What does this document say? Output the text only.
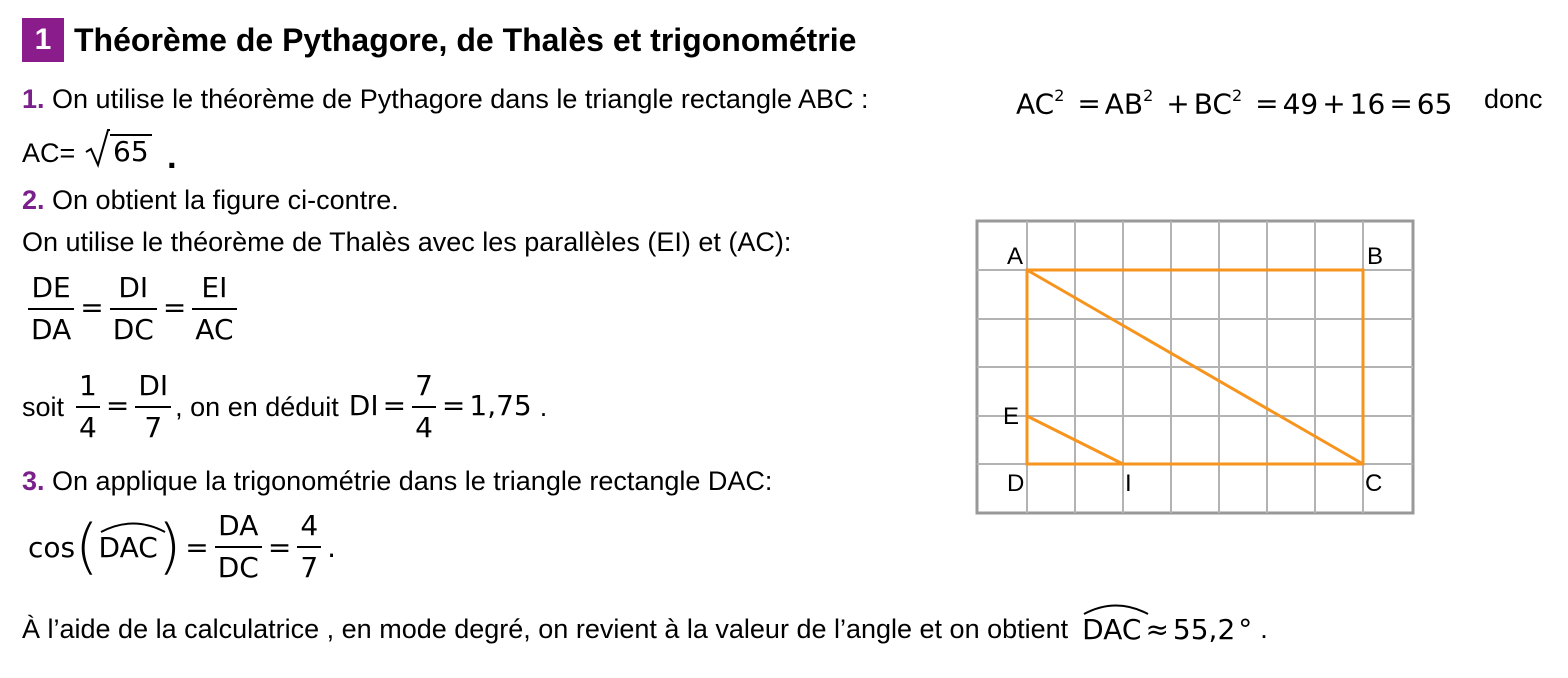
1 Théorème de Pythagore, de Thalès et trigonométrie
1. On utilise le théorème de Pythagore dans le triangle rectangle ABC :	$AC^2 = AB^2 + BC^2 = 49 + 16 = 65$ donc
AC= 65 .
2. On obtient la figure ci-contre.
On utilise le théorème de Thalès avec les parallèles (EI) et (AC):
$\frac{DE}{DA} = \frac{DI}{DC} = \frac{EI}{AC}$
soit $\frac{1}{4} = \frac{DI}{7}$ , on en déduit DI = $\frac{7}{4} = 1,75$ .
3. On applique la trigonométrie dans le triangle rectangle DAC:
cos ( DAC ) = $\frac{DA}{DC} = \frac{4}{7}$ .
À l’aide de la calculatrice , en mode degré, on revient à la valeur de l’angle et on obtient DAC ≈ 55,2 ° .
A	B
C
D
E
I
